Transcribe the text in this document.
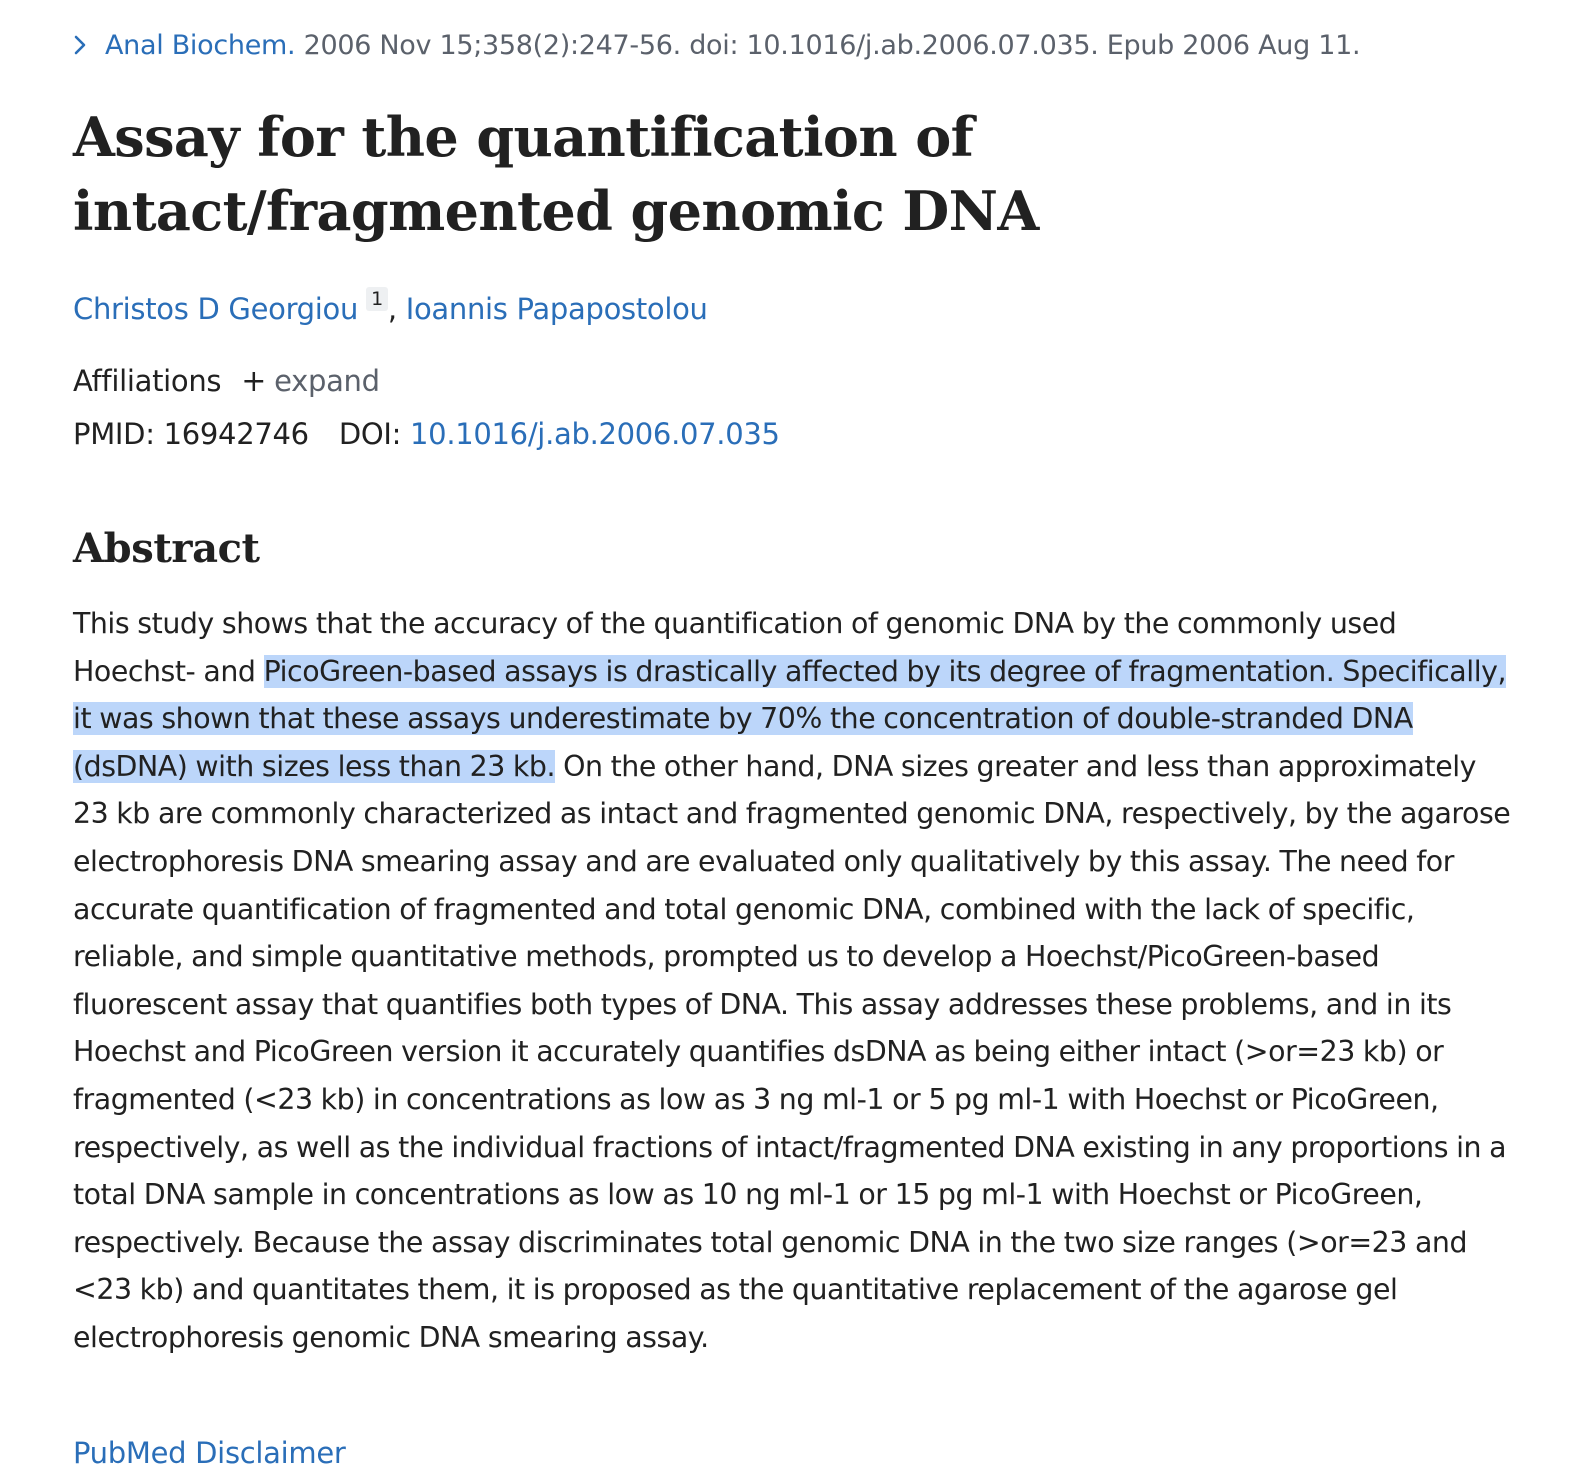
Anal Biochem. 2006 Nov 15;358(2):247-56. doi: 10.1016/j.ab.2006.07.035. Epub 2006 Aug 11.
Assay for the quantification of intact/fragmented genomic DNA
Christos D Georgiou 1 , Ioannis Papapostolou
Affiliations + expand
PMID: 16942746 DOI: 10.1016/j.ab.2006.07.035
Abstract

This study shows that the accuracy of the quantification of genomic DNA by the commonly used Hoechst- and PicoGreen-based assays is drastically affected by its degree of fragmentation. Specifically, it was shown that these assays underestimate by 70% the concentration of double-stranded DNA (dsDNA) with sizes less than 23 kb. On the other hand, DNA sizes greater and less than approximately 23 kb are commonly characterized as intact and fragmented genomic DNA, respectively, by the agarose electrophoresis DNA smearing assay and are evaluated only qualitatively by this assay. The need for accurate quantification of fragmented and total genomic DNA, combined with the lack of specific, reliable, and simple quantitative methods, prompted us to develop a Hoechst/PicoGreen-based fluorescent assay that quantifies both types of DNA. This assay addresses these problems, and in its Hoechst and PicoGreen version it accurately quantifies dsDNA as being either intact (>or=23 kb) or fragmented (<23 kb) in concentrations as low as 3 ng ml-1 or 5 pg ml-1 with Hoechst or PicoGreen, respectively, as well as the individual fractions of intact/fragmented DNA existing in any proportions in a total DNA sample in concentrations as low as 10 ng ml-1 or 15 pg ml-1 with Hoechst or PicoGreen, respectively. Because the assay discriminates total genomic DNA in the two size ranges (>or=23 and <23 kb) and quantitates them, it is proposed as the quantitative replacement of the agarose gel electrophoresis genomic DNA smearing assay.

PubMed Disclaimer
